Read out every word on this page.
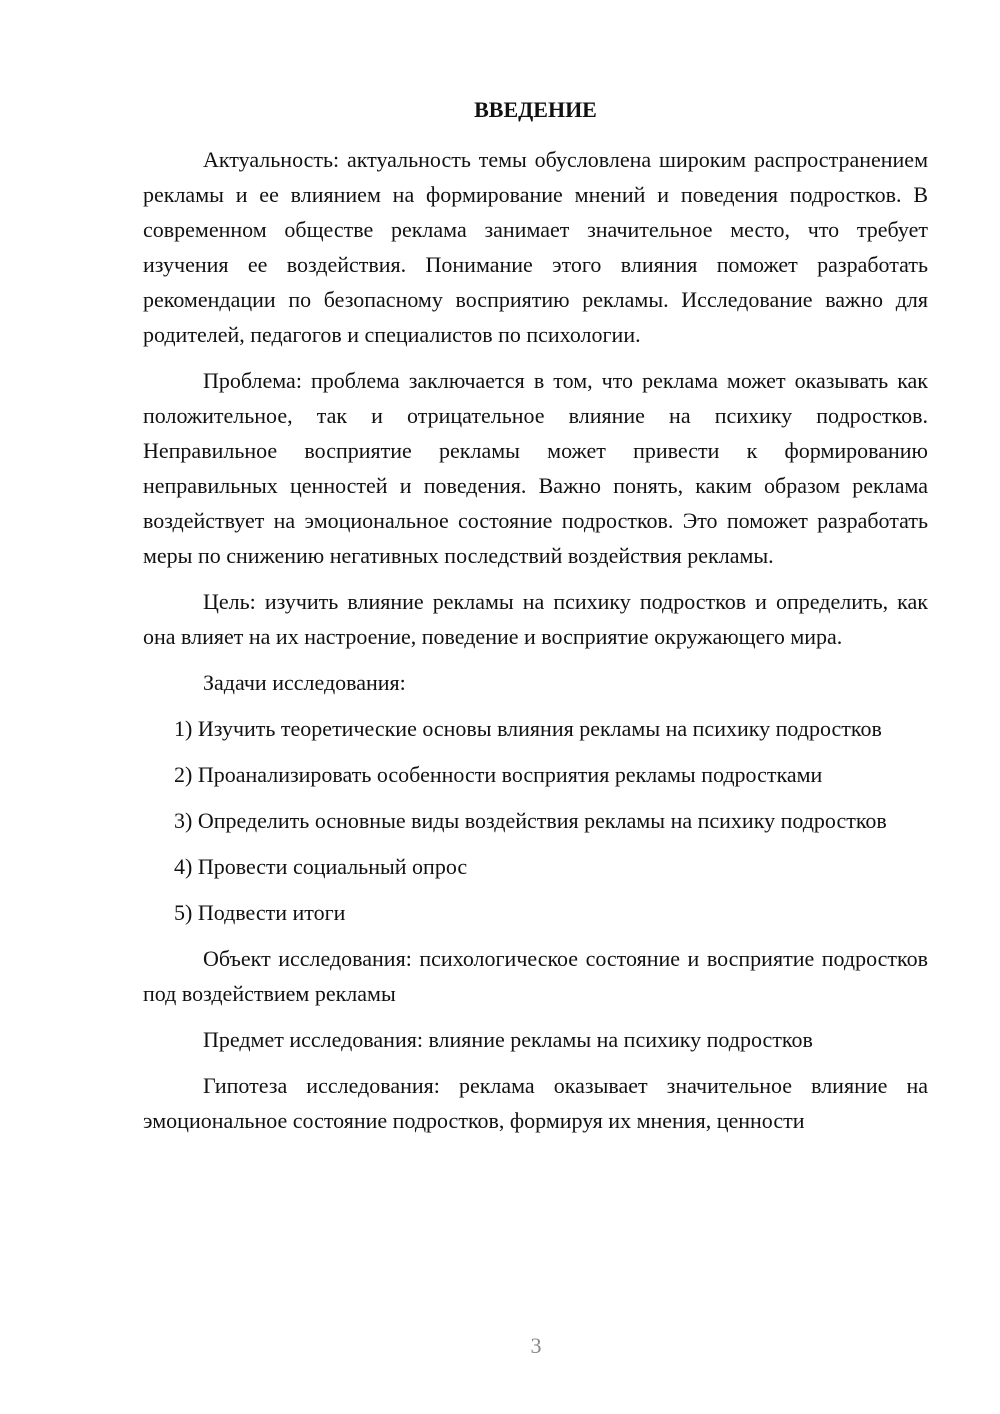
ВВЕДЕНИЕ

Актуальность: актуальность темы обусловлена широким распространением рекламы и ее влиянием на формирование мнений и поведения подростков. В современном обществе реклама занимает значительное место, что требует изучения ее воздействия. Понимание этого влияния поможет разработать рекомендации по безопасному восприятию рекламы. Исследование важно для родителей, педагогов и специалистов по психологии.

Проблема: проблема заключается в том, что реклама может оказывать как положительное, так и отрицательное влияние на психику подростков. Неправильное восприятие рекламы может привести к формированию неправильных ценностей и поведения. Важно понять, каким образом реклама воздействует на эмоциональное состояние подростков. Это поможет разработать меры по снижению негативных последствий воздействия рекламы.

Цель: изучить влияние рекламы на психику подростков и определить, как она влияет на их настроение, поведение и восприятие окружающего мира.

Задачи исследования:

1) Изучить теоретические основы влияния рекламы на психику подростков

2) Проанализировать особенности восприятия рекламы подростками

3) Определить основные виды воздействия рекламы на психику подростков

4) Провести социальный опрос

5) Подвести итоги

Объект исследования: психологическое состояние и восприятие подростков под воздействием рекламы

Предмет исследования: влияние рекламы на психику подростков

Гипотеза исследования: реклама оказывает значительное влияние на эмоциональное состояние подростков, формируя их мнения, ценности

3
